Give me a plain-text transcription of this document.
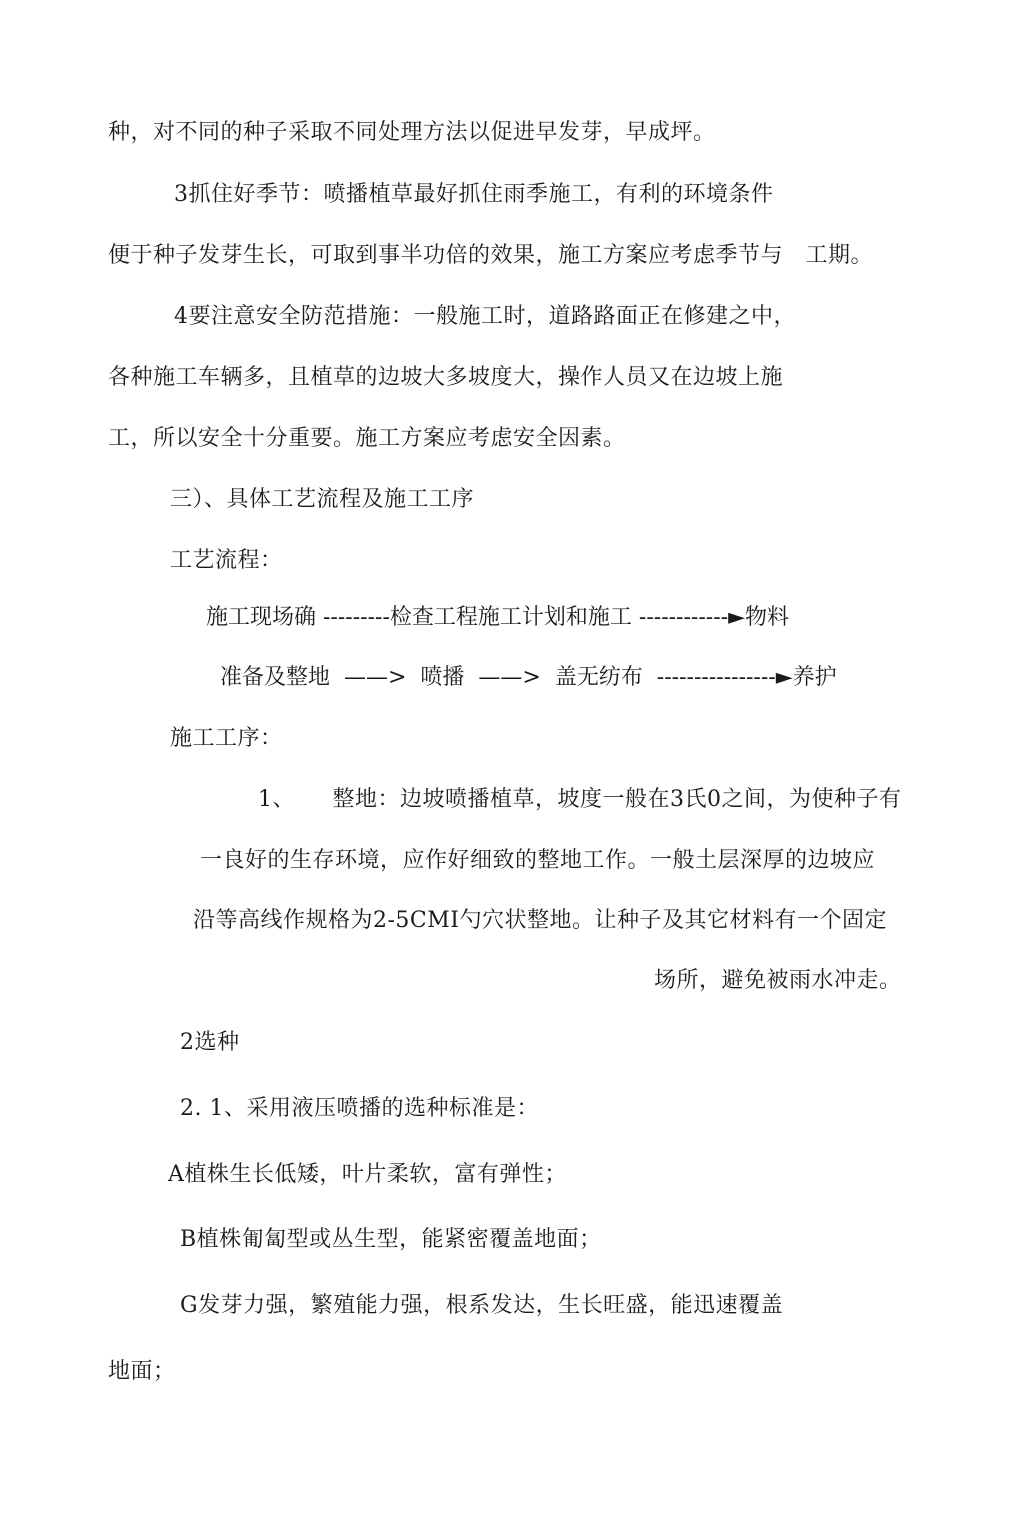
种，对不同的种子采取不同处理方法以促进早发芽，早成坪。
3抓住好季节：喷播植草最好抓住雨季施工，有利的环境条件
便于种子发芽生长，可取到事半功倍的效果，施工方案应考虑季节与   工期。
4要注意安全防范措施：一般施工时，道路路面正在修建之中，
各种施工车辆多，且植草的边坡大多坡度大，操作人员又在边坡上施
工，所以安全十分重要。施工方案应考虑安全因素。
三）、具体工艺流程及施工工序
工艺流程：
施工现场确 ---------检查工程施工计划和施工 ------------►物料
准备及整地  ——>  喷播  ——>  盖无纺布  ----------------►养护
施工工序：
1、     整地：边坡喷播植草，坡度一般在3氏0之间，为使种子有
一良好的生存环境，应作好细致的整地工作。一般土层深厚的边坡应
沿等高线作规格为2-5CMI勺穴状整地。让种子及其它材料有一个固定
场所，避免被雨水冲走。
2选种
2. 1、采用液压喷播的选种标准是：
A植株生长低矮，叶片柔软，富有弹性；
B植株匍匐型或丛生型，能紧密覆盖地面；
G发芽力强，繁殖能力强，根系发达，生长旺盛，能迅速覆盖
地面；
